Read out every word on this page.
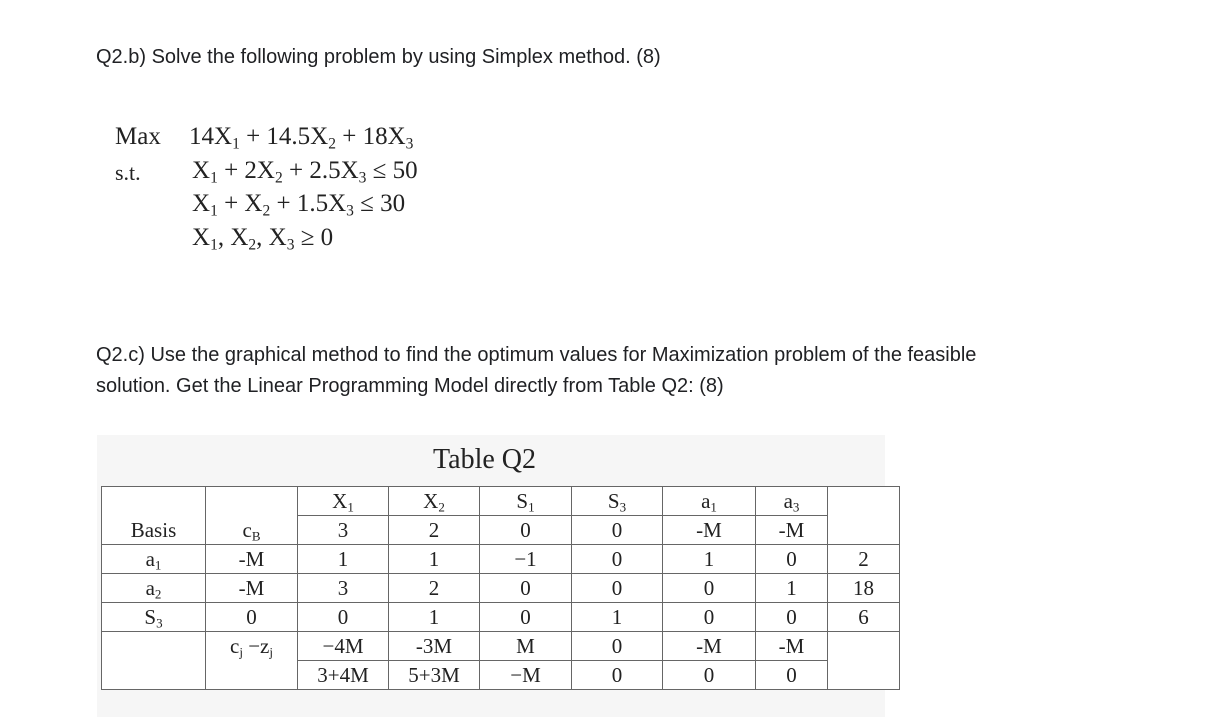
Q2.b) Solve the following problem by using Simplex method. (8)
Max $14X_1 + 14.5X_2 + 18X_3$
s.t. $X_1 + 2X_2 + 2.5X_3 \le 50$
$X_1 + X_2 + 1.5X_3 \le 30$
$X_1$, $X_2$, $X_3 \ge 0$
Q2.c) Use the graphical method to find the optimum values for Maximization problem of the feasible
solution. Get the Linear Programming Model directly from Table Q2: (8)
Table Q2
		$X_1$	$X_2$	$S_1$	$S_3$	$a_1$	$a_3$	
Basis	$c_B$	3	2	0	0	-M	-M	
$a_1$	-M	1	1	−1	0	1	0	2
$a_2$	-M	3	2	0	0	0	1	18
$S_3$	0	0	1	0	1	0	0	6
	$c_j -z_j$	−4M	-3M	M	0	-M	-M	
		3+4M	5+3M	−M	0	0	0	
